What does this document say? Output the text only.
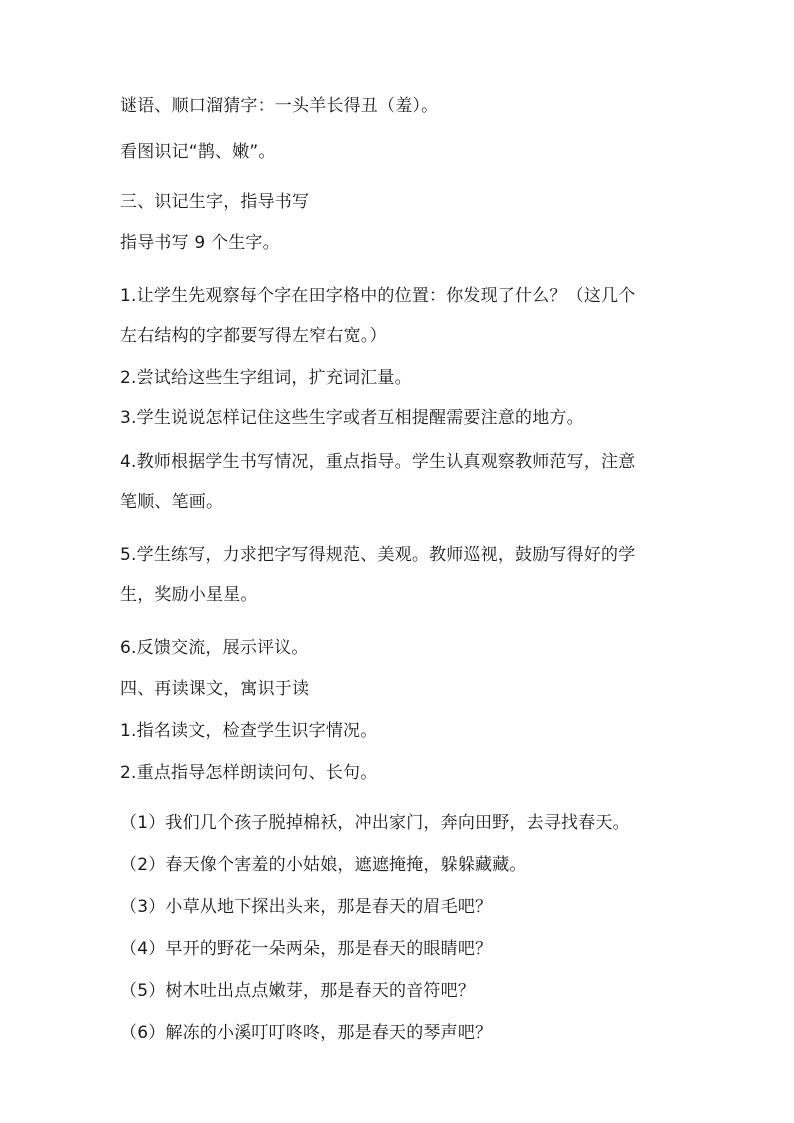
谜语、顺口溜猜字：一头羊长得丑（羞）。
看图识记“鹊、嫩”。
三、识记生字，指导书写
指导书写 9 个生字。
1.让学生先观察每个字在田字格中的位置：你发现了什么？（这几个
左右结构的字都要写得左窄右宽。）
2.尝试给这些生字组词，扩充词汇量。
3.学生说说怎样记住这些生字或者互相提醒需要注意的地方。
4.教师根据学生书写情况，重点指导。学生认真观察教师范写，注意
笔顺、笔画。
5.学生练写，力求把字写得规范、美观。教师巡视，鼓励写得好的学
生，奖励小星星。
6.反馈交流，展示评议。
四、再读课文，寓识于读
1.指名读文，检查学生识字情况。
2.重点指导怎样朗读问句、长句。
（1）我们几个孩子脱掉棉袄，冲出家门，奔向田野，去寻找春天。
（2）春天像个害羞的小姑娘，遮遮掩掩，躲躲藏藏。
（3）小草从地下探出头来，那是春天的眉毛吧？
（4）早开的野花一朵两朵，那是春天的眼睛吧？
（5）树木吐出点点嫩芽，那是春天的音符吧？
（6）解冻的小溪叮叮咚咚，那是春天的琴声吧？
